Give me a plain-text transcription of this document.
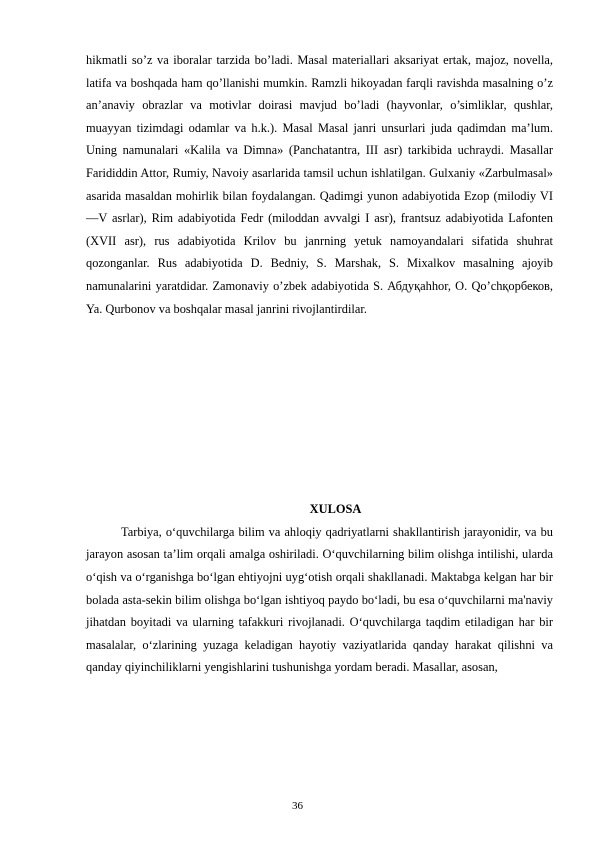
hikmatli so’z va iboralar tarzida bo’ladi. Masal materiallari aksariyat ertak, majoz, novella, latifa va boshqada ham qo’llanishi mumkin. Ramzli hikoyadan farqli ravishda masalning o’z an’anaviy obrazlar va motivlar doirasi mavjud bo’ladi (hayvonlar, o’simliklar, qushlar, muayyan tizimdagi odamlar va h.k.). Masal Masal janri unsurlari juda qadimdan ma’lum. Uning namunalari «Kalila va Dimna» (Panchatantra, III asr) tarkibida uchraydi. Masallar Farididdin Attor, Rumiy, Navoiy asarlarida tamsil uchun ishlatilgan. Gulxaniy «Zarbulmasal» asarida masaldan mohirlik bilan foydalangan. Qadimgi yunon adabiyotida Ezop (milodiy VI—V asrlar), Rim adabiyotida Fedr (miloddan avvalgi I asr), frantsuz adabiyotida Lafonten (XVII asr), rus adabiyotida Krilov bu janrning yetuk namoyandalari sifatida shuhrat qozonganlar. Rus adabiyotida D. Bedniy, S. Marshak, S. Mixalkov masalning ajoyib namunalarini yaratdidar. Zamonaviy o’zbek adabiyotida S. Абдуқahhor, O. Qo’chқорбеков, Ya. Qurbonov va boshqalar masal janrini rivojlantirdilar.

XULOSA

Tarbiya, o‘quvchilarga bilim va ahloqiy qadriyatlarni shakllantirish jarayonidir, va bu jarayon asosan ta’lim orqali amalga oshiriladi. O‘quvchilarning bilim olishga intilishi, ularda o‘qish va o‘rganishga bo‘lgan ehtiyojni uyg‘otish orqali shakllanadi. Maktabga kelgan har bir bolada asta-sekin bilim olishga bo‘lgan ishtiyoq paydo bo‘ladi, bu esa o‘quvchilarni ma'naviy jihatdan boyitadi va ularning tafakkuri rivojlanadi. O‘quvchilarga taqdim etiladigan har bir masalalar, o‘zlarining yuzaga keladigan hayotiy vaziyatlarida qanday harakat qilishni va qanday qiyinchiliklarni yengishlarini tushunishga yordam beradi. Masallar, asosan,

36
